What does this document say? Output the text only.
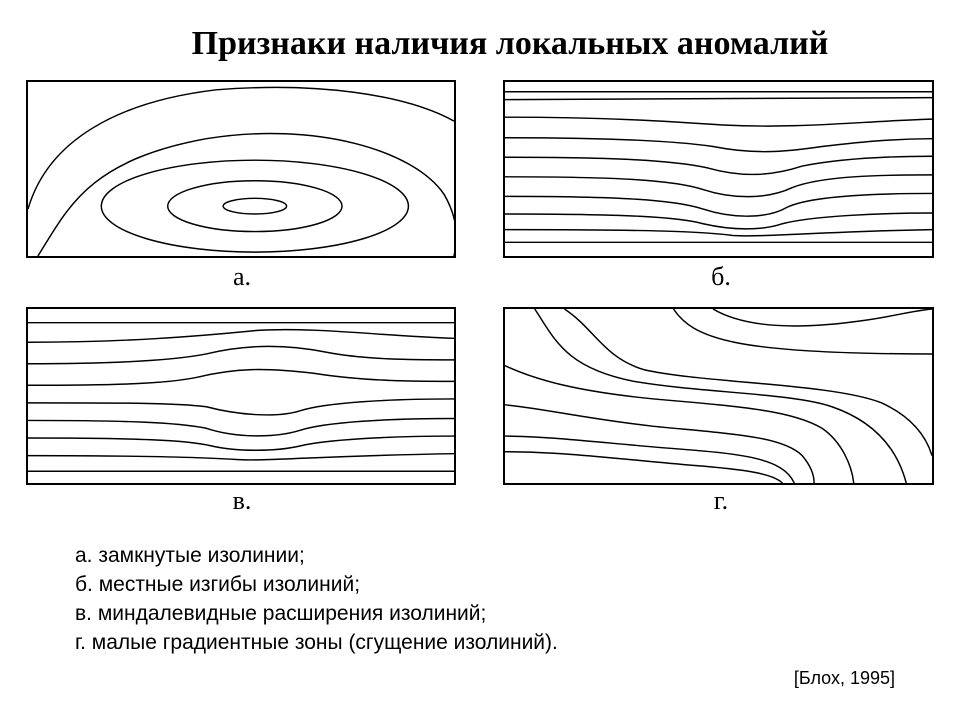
Признаки наличия локальных аномалий
а.	б.
в.	г.
а. замкнутые изолинии;
б. местные изгибы изолиний;
в. миндалевидные расширения изолиний;
г. малые градиентные зоны (сгущение изолиний).
[Блох, 1995]
